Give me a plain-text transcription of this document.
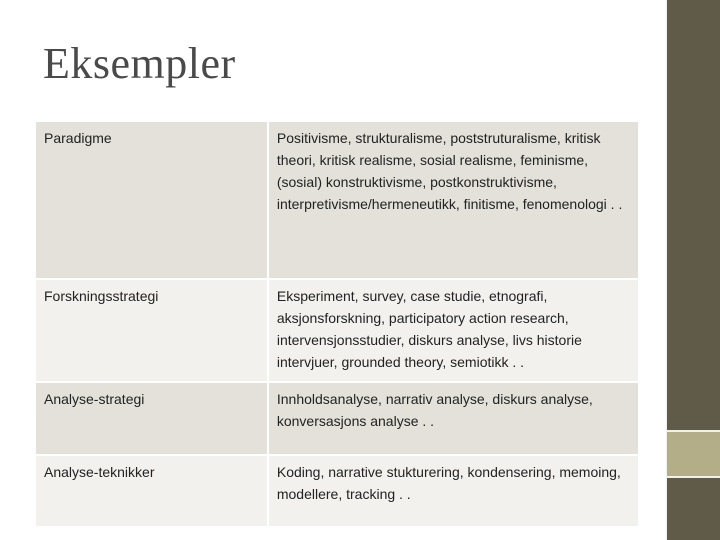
Eksempler
Paradigme	Positivisme, strukturalisme, poststruturalisme, kritisk theori, kritisk realisme, sosial realisme, feminisme, (sosial) konstruktivisme, postkonstruktivisme, interpretivisme/hermeneutikk, finitisme, fenomenologi . .
Forskningsstrategi	Eksperiment, survey, case studie, etnografi, aksjonsforskning, participatory action research, intervensjonsstudier, diskurs analyse, livs historie intervjuer, grounded theory, semiotikk . .
Analyse-strategi	Innholdsanalyse, narrativ analyse, diskurs analyse, konversasjons analyse . .
Analyse-teknikker	Koding, narrative stukturering, kondensering, memoing, modellere, tracking . .
